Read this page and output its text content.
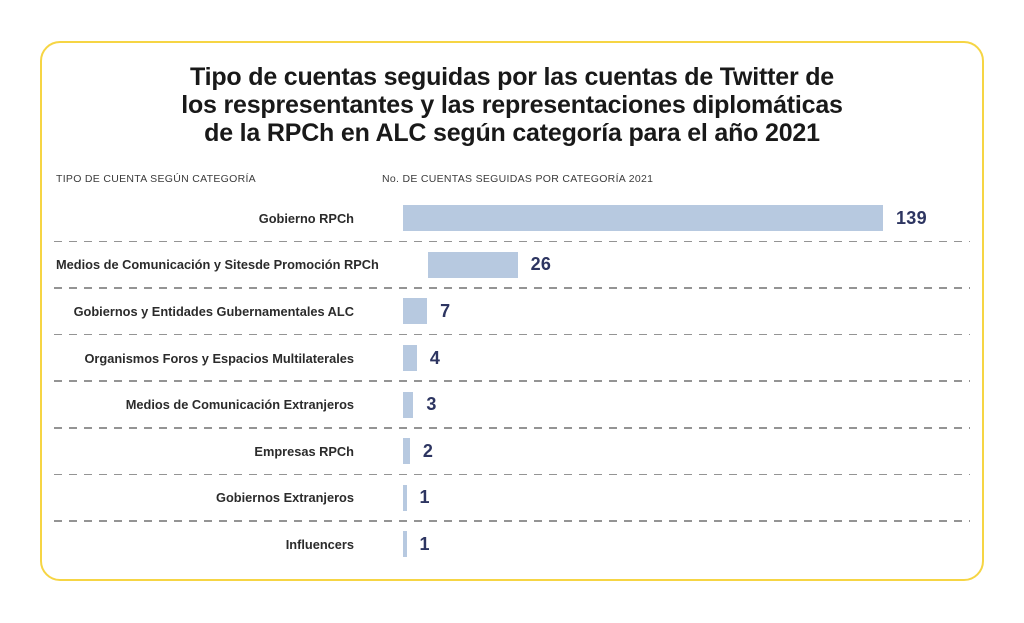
Tipo de cuentas seguidas por las cuentas de Twitter de
los respresentantes y las representaciones diplomáticas
de la RPCh en ALC según categoría para el año 2021
TIPO DE CUENTA SEGÚN CATEGORÍA	No. DE CUENTAS SEGUIDAS POR CATEGORÍA 2021
Gobierno RPCh	139
Medios de Comunicación y Sitesde Promoción RPCh	26
Gobiernos y Entidades Gubernamentales ALC	7
Organismos Foros y Espacios Multilaterales	4
Medios de Comunicación Extranjeros	3
Empresas RPCh	2
Gobiernos Extranjeros	1
Influencers	1
